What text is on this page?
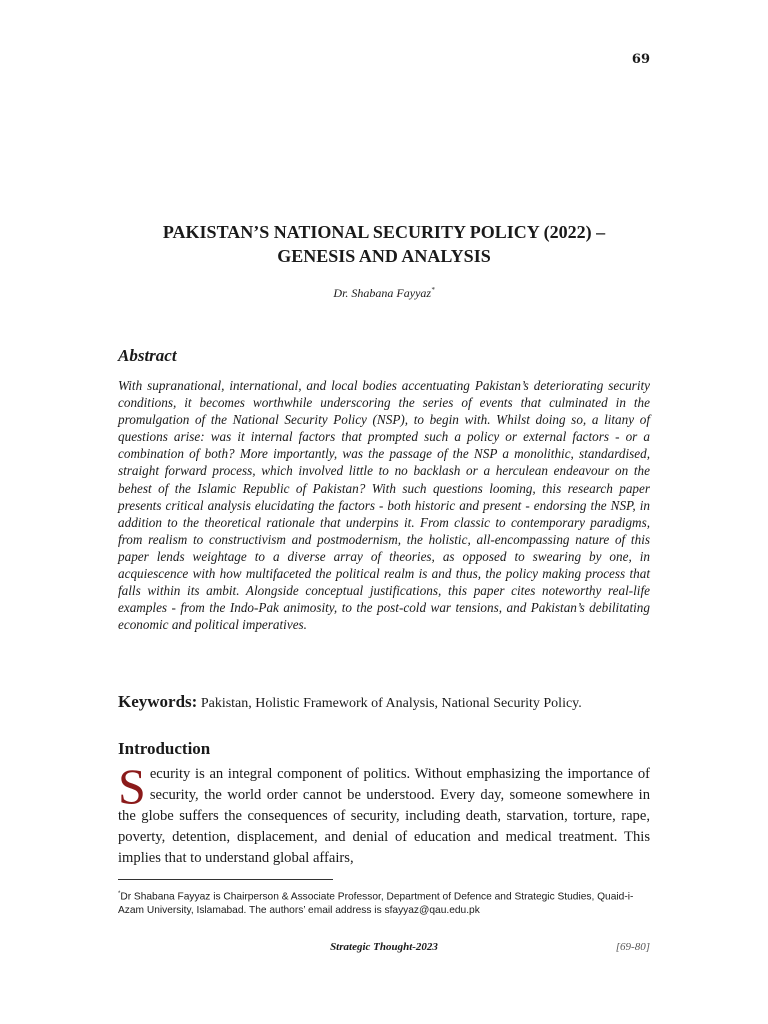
69
PAKISTAN’S NATIONAL SECURITY POLICY (2022) –
GENESIS AND ANALYSIS
Dr. Shabana Fayyaz*
Abstract

With supranational, international, and local bodies accentuating Pakistan’s deteriorating security conditions, it becomes worthwhile underscoring the series of events that culminated in the promulgation of the National Security Policy (NSP), to begin with. Whilst doing so, a litany of questions arise: was it internal factors that prompted such a policy or external factors - or a combination of both? More importantly, was the passage of the NSP a monolithic, standardised, straight forward process, which involved little to no backlash or a herculean endeavour on the behest of the Islamic Republic of Pakistan? With such questions looming, this research paper presents critical analysis elucidating the factors - both historic and present - endorsing the NSP, in addition to the theoretical rationale that underpins it. From classic to contemporary paradigms, from realism to constructivism and postmodernism, the holistic, all-encompassing nature of this paper lends weightage to a diverse array of theories, as opposed to swearing by one, in acquiescence with how multifaceted the political realm is and thus, the policy making process that falls within its ambit. Alongside conceptual justifications, this paper cites noteworthy real-life examples - from the Indo-Pak animosity, to the post-cold war tensions, and Pakistan’s debilitating economic and political imperatives.

Keywords: Pakistan, Holistic Framework of Analysis, National Security Policy.
Introduction

Security is an integral component of politics. Without emphasizing the importance of security, the world order cannot be understood. Every day, someone somewhere in the globe suffers the consequences of security, including death, starvation, torture, rape, poverty, detention, displacement, and denial of education and medical treatment. This implies that to understand global affairs,

*Dr Shabana Fayyaz is Chairperson & Associate Professor, Department of Defence and Strategic Studies, Quaid-i-Azam University, Islamabad. The authors’ email address is sfayyaz@qau.edu.pk

Strategic Thought-2023	[69-80]
